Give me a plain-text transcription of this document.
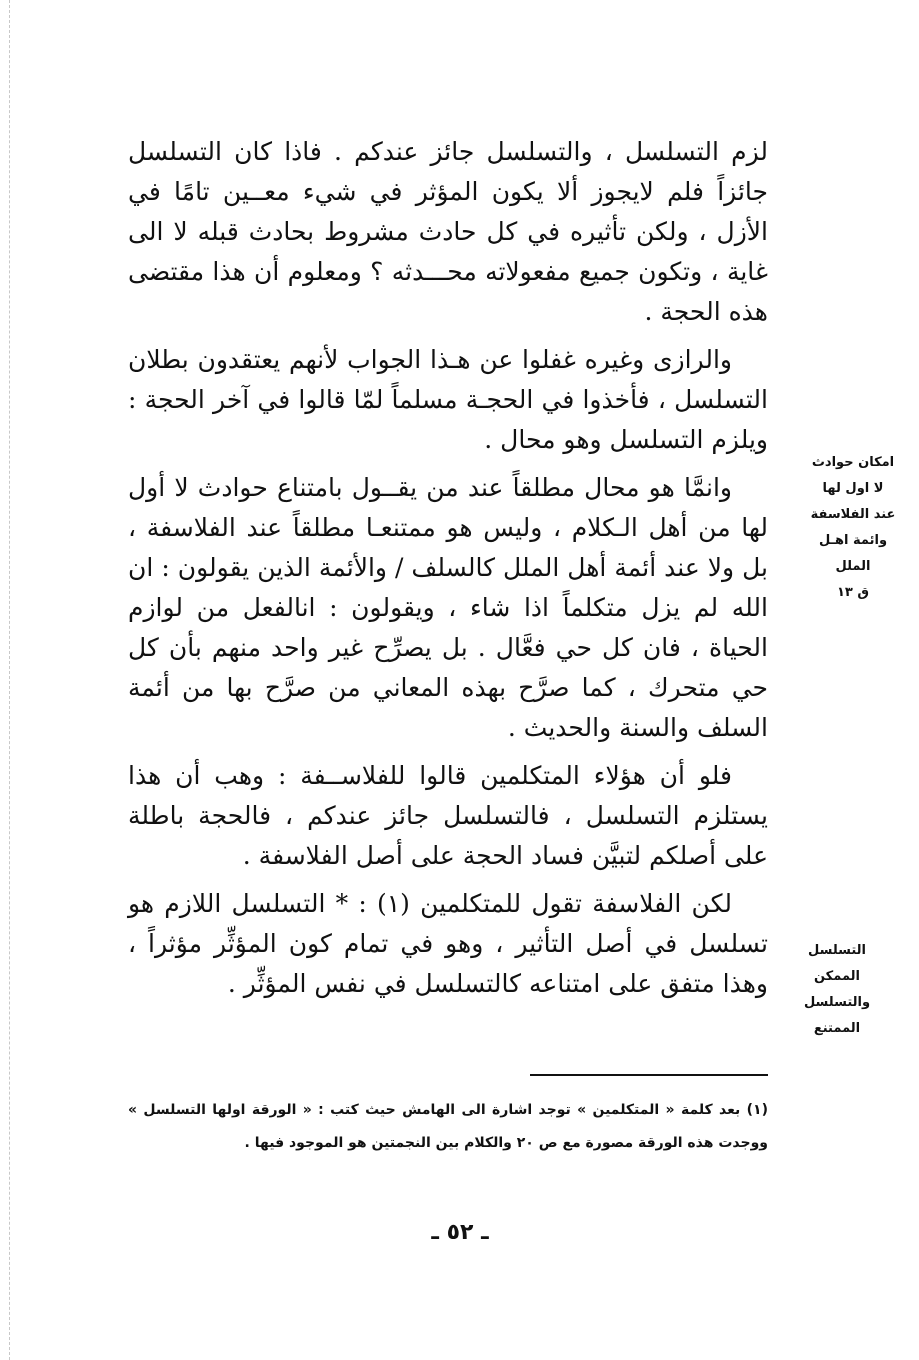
لزم التسلسل ، والتسلسل جائز عندكم . فاذا كان التسلسل جائزاً فلم لايجوز ألا يكون المؤثر في شيء معــين تامًا في الأزل ، ولكن تأثيره في كل حادث مشروط بحادث قبله لا الى غاية ، وتكون جميع مفعولاته محـــدثه ؟ ومعلوم أن هذا مقتضى هذه الحجة .

والرازى وغيره غفلوا عن هـذا الجواب لأنهم يعتقدون بطلان التسلسل ، فأخذوا في الحجـة مسلماً لمّا قالوا في آخر الحجة : ويلزم التسلسل وهو محال .

وانمَّا هو محال مطلقاً عند من يقــول بامتناع حوادث لا أول لها من أهل الـكلام ، وليس هو ممتنعـا مطلقاً عند الفلاسفة ، بل ولا عند أئمة أهل الملل كالسلف / والأئمة الذين يقولون : ان الله لم يزل متكلماً اذا شاء ، ويقولون : انالفعل من لوازم الحياة ، فان كل حي فعَّال . بل يصرِّح غير واحد منهم بأن كل حي متحرك ، كما صرَّح بهذه المعاني من صرَّح بها من أئمة السلف والسنة والحديث .

فلو أن هؤلاء المتكلمين قالوا للفلاســفة : وهب أن هذا يستلزم التسلسل ، فالتسلسل جائز عندكم ، فالحجة باطلة على أصلكم لتبيَّن فساد الحجة على أصل الفلاسفة .

لكن الفلاسفة تقول للمتكلمين (١) : * التسلسل اللازم هو تسلسل في أصل التأثير ، وهو في تمام كون المؤثِّر مؤثراً ، وهذا متفق على امتناعه كالتسلسل في نفس المؤثِّر .

امكان حوادث
لا اول لها
عند الفلاسفة
وائمة اهـل
الملل
ق ١٣
التسلسل
الممكن
والتسلسل
الممتنع
(١) بعد كلمة « المتكلمين » توجد اشارة الى الهامش حيث كتب : « الورقة اولها التسلسل » ووجدت هذه الورقة مصورة مع ص ٢٠ والكلام بين النجمتين هو الموجود فيها .
ـ ٥٢ ـ
